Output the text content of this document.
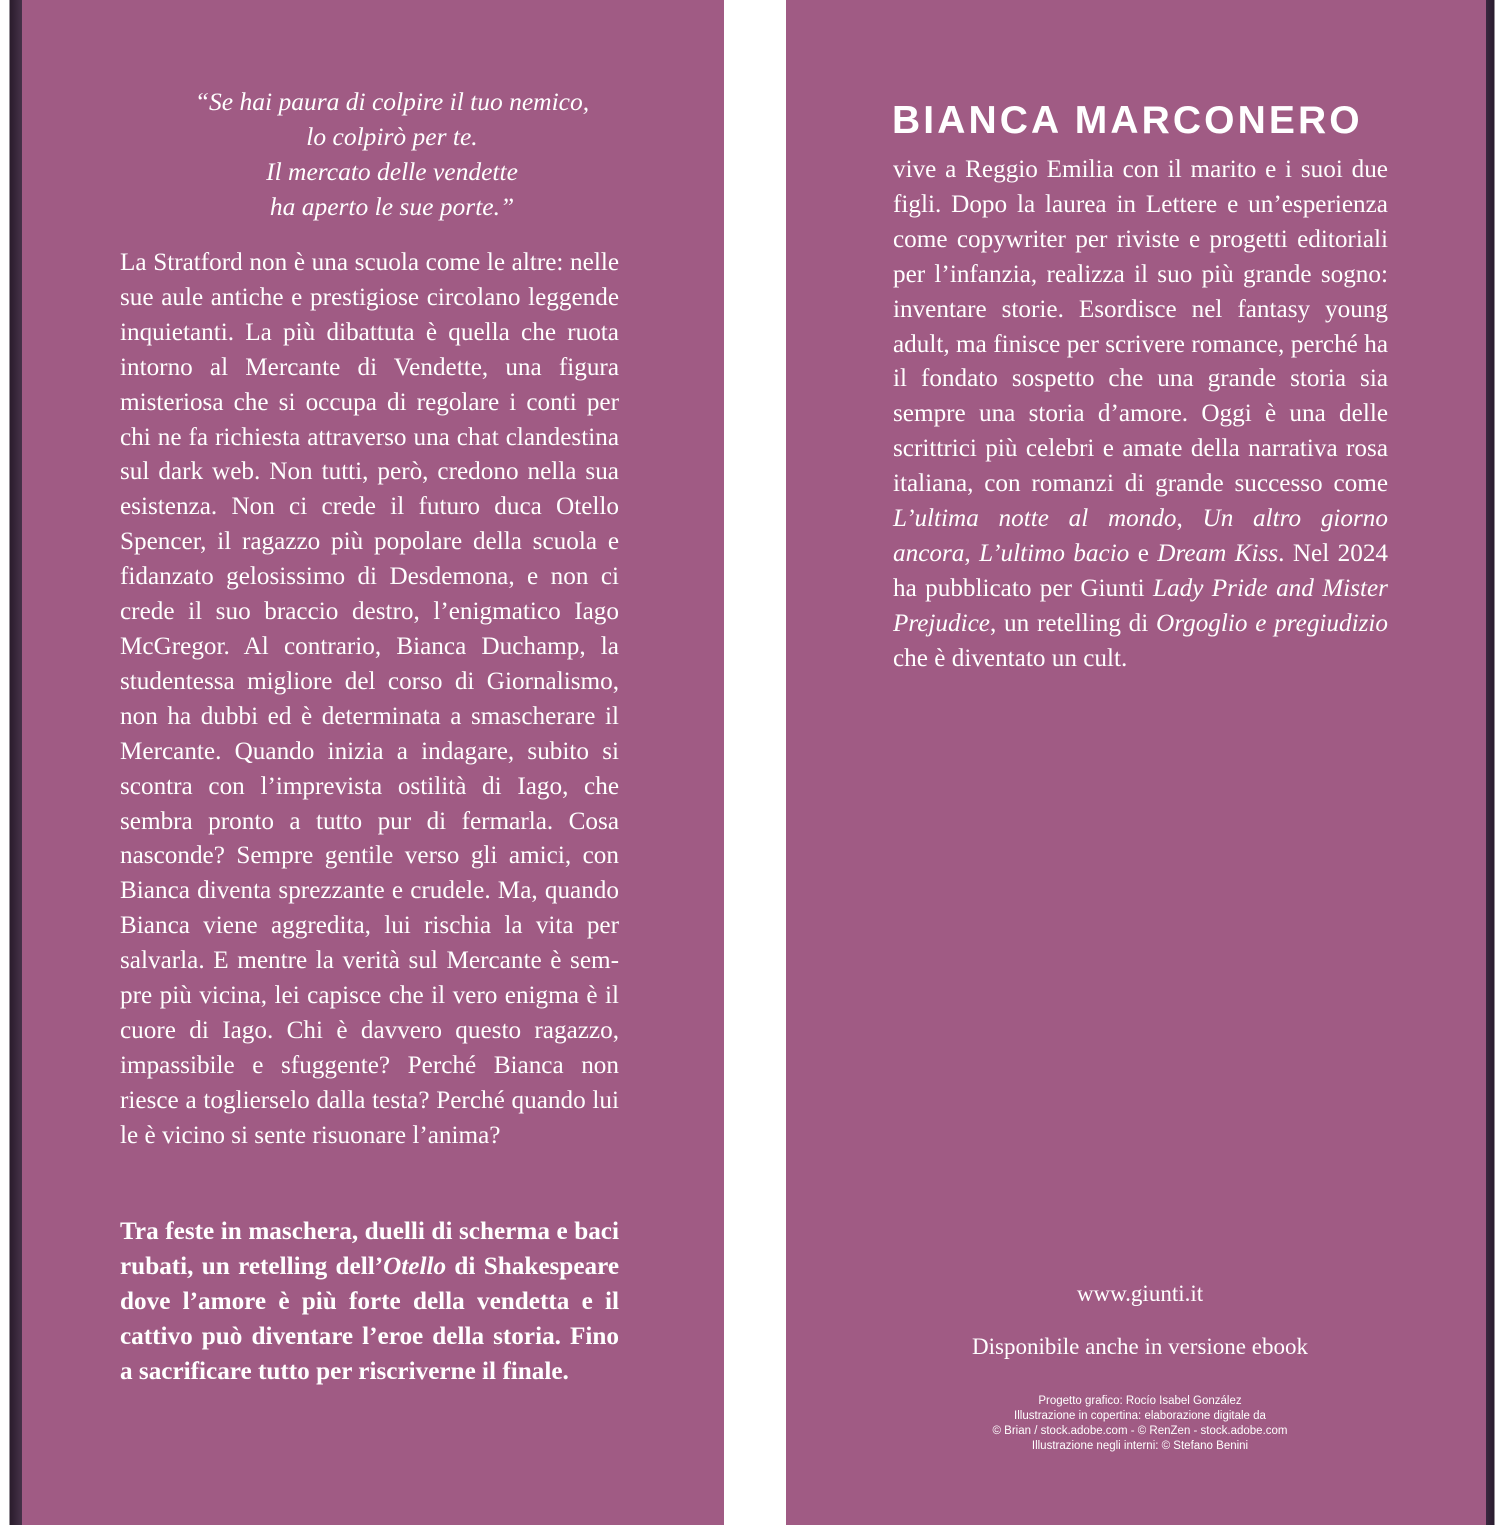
“Se hai paura di colpire il tuo nemico,
lo colpirò per te.
Il mercato delle vendette
ha aperto le sue porte.”

La Stratford non è una scuola come le altre: nelle sue aule antiche e prestigiose circolano leggende inquietanti. La più dibattuta è quella che ruota intorno al Mercante di Vendette, una figura misteriosa che si occupa di regolare i conti per chi ne fa richiesta attraverso una chat clandestina sul dark web. Non tutti, però, credono nella sua esistenza. Non ci crede il futuro duca Otello Spencer, il ragazzo più popolare della scuola e fidanzato gelosissimo di Desdemona, e non ci crede il suo braccio destro, l’enigmatico Iago McGregor. Al contrario, Bianca Duchamp, la studentessa migliore del corso di Giornalismo, non ha dubbi ed è determinata a smascherare il Mercante. Quando inizia a indagare, subito si scontra con l’imprevista ostilità di Iago, che sembra pronto a tutto pur di fermarla. Cosa nasconde? Sempre gentile verso gli amici, con Bianca diventa sprezzante e crudele. Ma, quando Bianca viene aggredita, lui rischia la vita per salvarla. E mentre la verità sul Mercante è sempre più vicina, lei capisce che il vero enigma è il cuore di Iago. Chi è davvero questo ragazzo, impassibile e sfuggente? Perché Bianca non riesce a toglierselo dalla testa? Perché quando lui le è vicino si sente risuonare l’anima?

Tra feste in maschera, duelli di scherma e baci rubati, un retelling dell’Otello di Shakespeare dove l’amore è più forte della vendetta e il cattivo può diventare l’eroe della storia. Fino a sacrificare tutto per riscriverne il finale.

BIANCA MARCONERO

vive a Reggio Emilia con il marito e i suoi due figli. Dopo la laurea in Lettere e un’esperienza come copywriter per riviste e progetti editoriali per l’infanzia, realizza il suo più grande sogno: inventare storie. Esordisce nel fantasy young adult, ma finisce per scrivere romance, perché ha il fondato sospetto che una grande storia sia sempre una storia d’amore. Oggi è una delle scrittrici più celebri e amate della narrativa rosa italiana, con romanzi di grande successo come L’ultima notte al mondo, Un altro giorno ancora, L’ultimo bacio e Dream Kiss. Nel 2024 ha pubblicato per Giunti Lady Pride and Mister Prejudice, un retelling di Orgoglio e pregiudizio che è diventato un cult.

www.giunti.it

Disponibile anche in versione ebook

Progetto grafico: Rocío Isabel González
Illustrazione in copertina: elaborazione digitale da
© Brian / stock.adobe.com - © RenZen - stock.adobe.com
Illustrazione negli interni: © Stefano Benini
